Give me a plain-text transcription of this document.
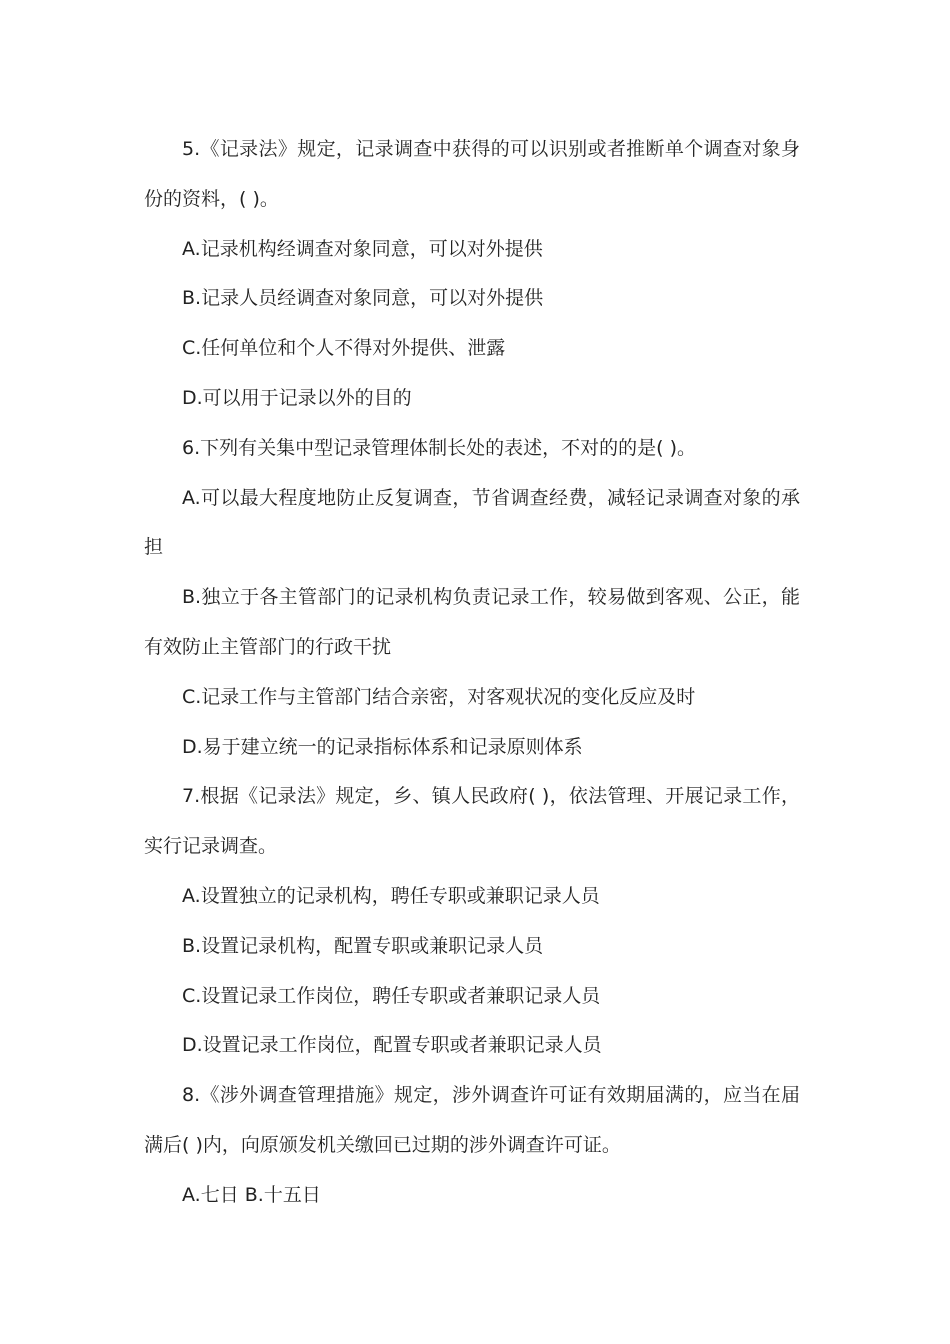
5.《记录法》规定，记录调查中获得的可以识别或者推断单个调查对象身份的资料，( )。

A.记录机构经调查对象同意，可以对外提供

B.记录人员经调查对象同意，可以对外提供

C.任何单位和个人不得对外提供、泄露

D.可以用于记录以外的目的

6.下列有关集中型记录管理体制长处的表述，不对的的是( )。

A.可以最大程度地防止反复调查，节省调查经费，减轻记录调查对象的承担

B.独立于各主管部门的记录机构负责记录工作，较易做到客观、公正，能有效防止主管部门的行政干扰

C.记录工作与主管部门结合亲密，对客观状况的变化反应及时

D.易于建立统一的记录指标体系和记录原则体系

7.根据《记录法》规定，乡、镇人民政府( )，依法管理、开展记录工作，实行记录调查。

A.设置独立的记录机构，聘任专职或兼职记录人员

B.设置记录机构，配置专职或兼职记录人员

C.设置记录工作岗位，聘任专职或者兼职记录人员

D.设置记录工作岗位，配置专职或者兼职记录人员

8.《涉外调查管理措施》规定，涉外调查许可证有效期届满的，应当在届满后( )内，向原颁发机关缴回已过期的涉外调查许可证。

A.七日 B.十五日
